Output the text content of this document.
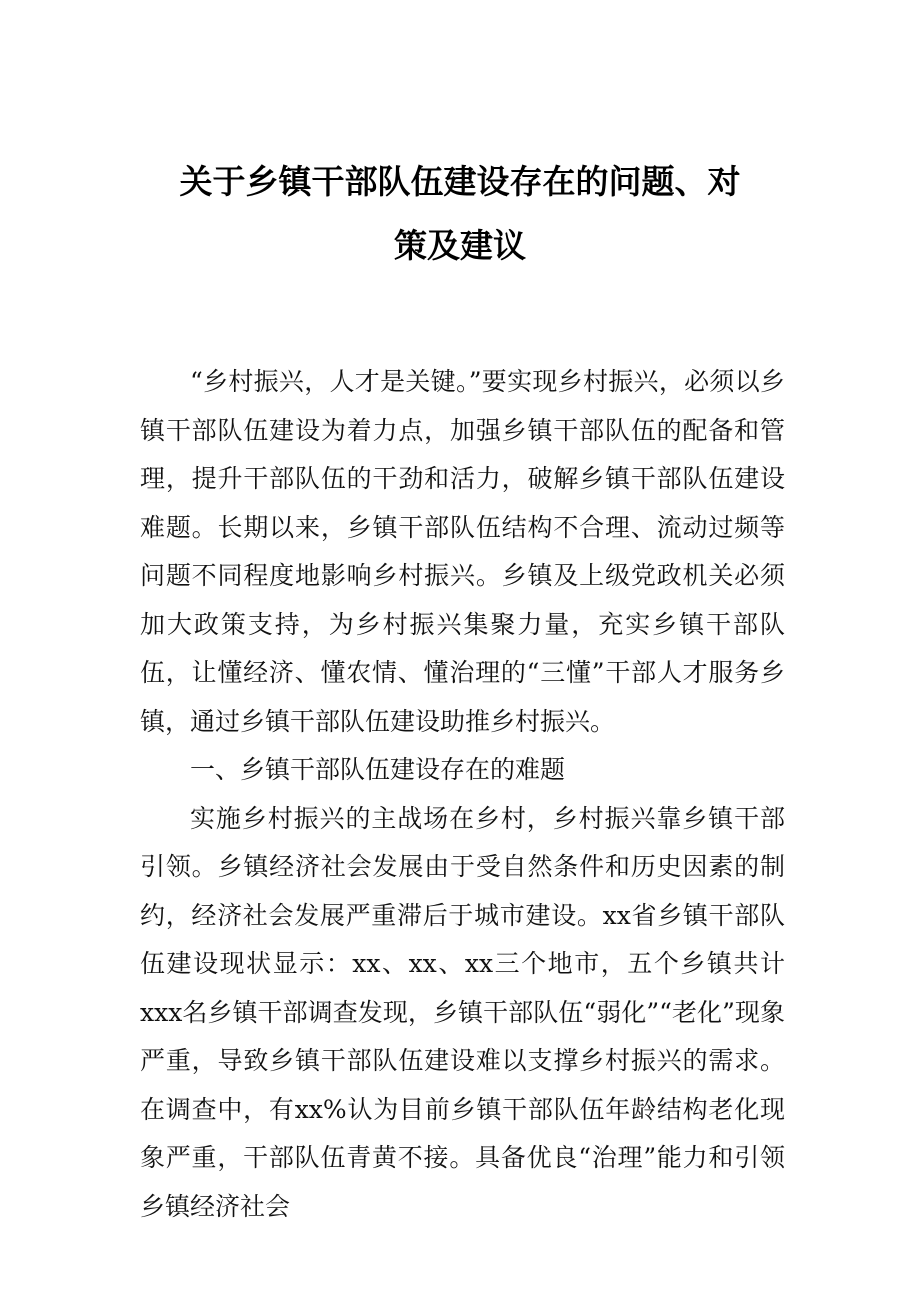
关于乡镇干部队伍建设存在的问题、对
策及建议

“乡村振兴，人才是关键。”要实现乡村振兴，必须以乡镇干部队伍建设为着力点，加强乡镇干部队伍的配备和管理，提升干部队伍的干劲和活力，破解乡镇干部队伍建设难题。长期以来，乡镇干部队伍结构不合理、流动过频等问题不同程度地影响乡村振兴。乡镇及上级党政机关必须加大政策支持，为乡村振兴集聚力量，充实乡镇干部队伍，让懂经济、懂农情、懂治理的“三懂”干部人才服务乡镇，通过乡镇干部队伍建设助推乡村振兴。

一、乡镇干部队伍建设存在的难题

实施乡村振兴的主战场在乡村，乡村振兴靠乡镇干部引领。乡镇经济社会发展由于受自然条件和历史因素的制约，经济社会发展严重滞后于城市建设。xx省乡镇干部队伍建设现状显示：xx、xx、xx三个地市，五个乡镇共计xxx名乡镇干部调查发现，乡镇干部队伍“弱化”“老化”现象严重，导致乡镇干部队伍建设难以支撑乡村振兴的需求。在调查中，有xx%认为目前乡镇干部队伍年龄结构老化现象严重，干部队伍青黄不接。具备优良“治理”能力和引领乡镇经济社会
